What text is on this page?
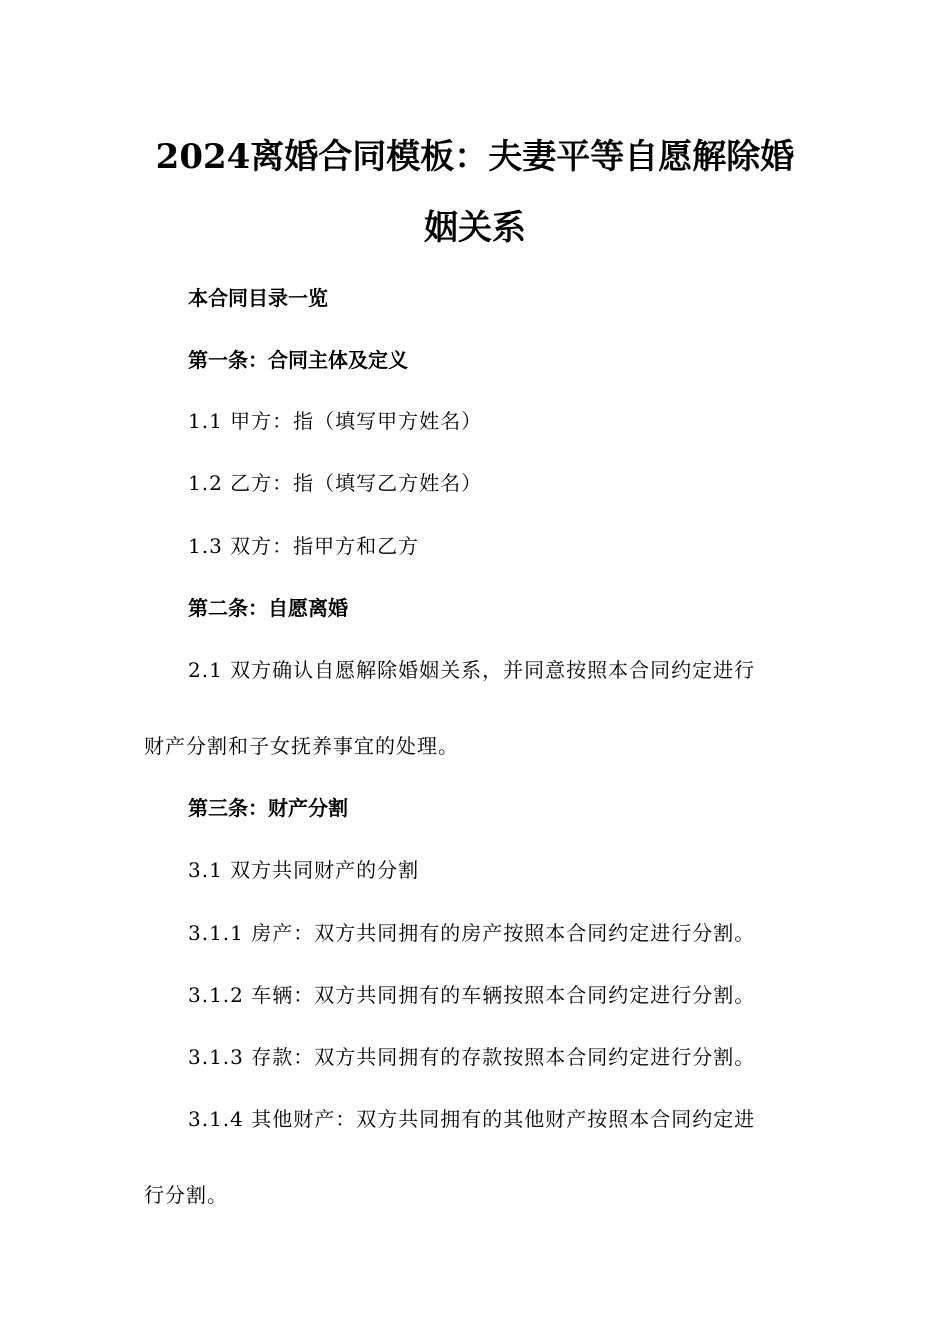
2024离婚合同模板：夫妻平等自愿解除婚
姻关系
本合同目录一览
第一条：合同主体及定义
1.1 甲方：指（填写甲方姓名）
1.2 乙方：指（填写乙方姓名）
1.3 双方：指甲方和乙方
第二条：自愿离婚
2.1 双方确认自愿解除婚姻关系，并同意按照本合同约定进行
财产分割和子女抚养事宜的处理。
第三条：财产分割
3.1 双方共同财产的分割
3.1.1 房产：双方共同拥有的房产按照本合同约定进行分割。
3.1.2 车辆：双方共同拥有的车辆按照本合同约定进行分割。
3.1.3 存款：双方共同拥有的存款按照本合同约定进行分割。
3.1.4 其他财产：双方共同拥有的其他财产按照本合同约定进
行分割。
